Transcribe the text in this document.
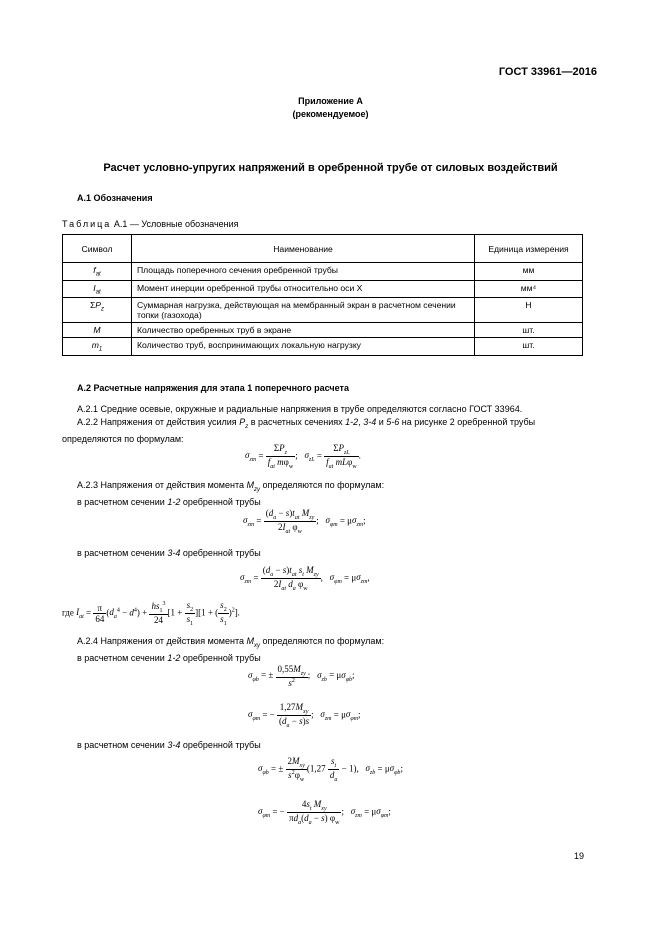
ГОСТ 33961—2016
Приложение А
(рекомендуемое)
Расчет условно-упругих напряжений в оребренной трубе от силовых воздействий
А.1 Обозначения
Таблица А.1 — Условные обозначения
Символ	Наименование	Единица измерения
$f_{at}$	Площадь поперечного сечения оребренной трубы	мм
$I_{at}$	Момент инерции оребренной трубы относительно оси X	мм⁴
$\Sigma P_z$	Суммарная нагрузка, действующая на мембранный экран в расчетном сечении топки (газохода)	Н
M	Количество оребренных труб в экране	шт.
$m_1$	Количество труб, воспринимающих локальную нагрузку	шт.
А.2 Расчетные напряжения для этапа 1 поперечного расчета
А.2.1 Средние осевые, окружные и радиальные напряжения в трубе определяются согласно ГОСТ 33964.
А.2.2 Напряжения от действия усилия $P_z$ в расчетных сечениях 1-2, 3-4 и 5-6 на рисунке 2 оребренной трубы
определяются по формулам:
$\sigma_{zm} = \frac{\Sigma P_z}{f_{at} m\varphi_w}$ ;   $\sigma_{zL} = \frac{\Sigma P_{zL}}{f_{at} mL\varphi_w}$ .
А.2.3 Напряжения от действия момента $M_{zy}$ определяются по формулам:
в расчетном сечении 1-2 оребренной трубы
$\sigma_{zm} = \frac{(d_a - s)t_{at} M_{zy}}{2I_{at} \varphi_w}$ ;   $\sigma_{\varphi m} = \mu\sigma_{zm}$;
в расчетном сечении 3-4 оребренной трубы
$\sigma_{zm} = \frac{(d_a - s)t_{at} s_t M_{zy}}{2I_{at} d_a \varphi_w}$ ,   $\sigma_{\varphi m} = \mu\sigma_{zm}$,
где $I_{at} = \frac{\pi}{64} (d_a^4 - d^4) + \frac{hs_1^3}{24} [1 + \frac{s_2}{s_1} ][1$ + ( $\frac{s_2}{s_1} )^2$].
А.2.4 Напряжения от действия момента $M_{xy}$ определяются по формулам:
в расчетном сечении 1-2 оребренной трубы
$\sigma_{\varphi b}$ = ± $\frac{0,55M_{zy}}{s^2}$ ;   $\sigma_{zb} = \mu\sigma_{\varphi b}$;
$\sigma_{\varphi m}$ = − $\frac{1,27M_{xy}}{(d_a - s)s}$ ;   $\sigma_{zm} = \mu\sigma_{\varphi m}$;
в расчетном сечении 3-4 оребренной трубы
$\sigma_{\varphi b}$ = ± $\frac{2M_{xy}}{s^2\varphi_w} (1,27 \frac{s_t}{d_a} - 1)$,   $\sigma_{zb} = \mu\sigma_{\varphi b}$;
$\sigma_{\varphi m}$ = − $\frac{4s_t M_{xy}}{\pi d_a(d_a - s) \varphi_w}$ ;   $\sigma_{zm} = \mu\sigma_{\varphi m}$;
19
